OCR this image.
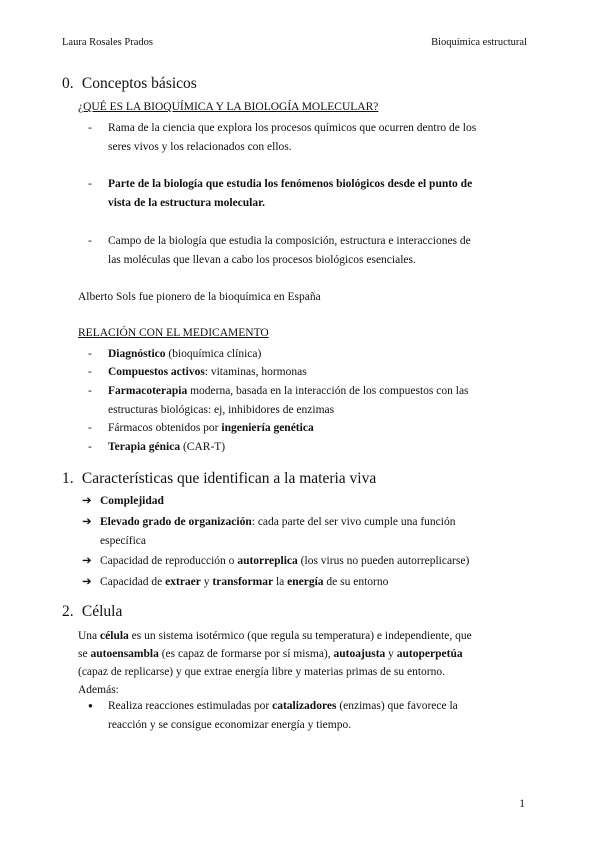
Laura Rosales Prados	Bioquímica estructural
0. Conceptos básicos
¿QUÉ ES LA BIOQUÍMICA Y LA BIOLOGÍA MOLECULAR?
- Rama de la ciencia que explora los procesos químicos que ocurren dentro de los
seres vivos y los relacionados con ellos.
- Parte de la biología que estudia los fenómenos biológicos desde el punto de
vista de la estructura molecular.
- Campo de la biología que estudia la composición, estructura e interacciones de
las moléculas que llevan a cabo los procesos biológicos esenciales.
Alberto Sols fue pionero de la bioquímica en España
RELACIÓN CON EL MEDICAMENTO
- Diagnóstico (bioquímica clínica)
- Compuestos activos: vitaminas, hormonas
- Farmacoterapia moderna, basada en la interacción de los compuestos con las
estructuras biológicas: ej, inhibidores de enzimas
- Fármacos obtenidos por ingeniería genética
- Terapia génica (CAR-T)
1. Características que identifican a la materia viva
➔ Complejidad
➔ Elevado grado de organización: cada parte del ser vivo cumple una función
específica
➔ Capacidad de reproducción o autorreplica (los virus no pueden autorreplicarse)
➔ Capacidad de extraer y transformar la energía de su entorno
2. Célula
Una célula es un sistema isotérmico (que regula su temperatura) e independiente, que
se autoensambla (es capaz de formarse por sí misma), autoajusta y autoperpetúa
(capaz de replicarse) y que extrae energía libre y materias primas de su entorno.
Además:
● Realiza reacciones estimuladas por catalizadores (enzimas) que favorece la
reacción y se consigue economizar energía y tiempo.
1
